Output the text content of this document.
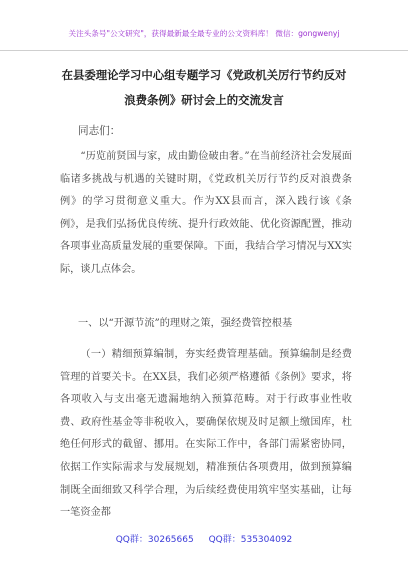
关注头条号"公文研究"，获得最新最全最专业的公文资料库！ 微信：gongwenyj
在县委理论学习中心组专题学习《党政机关厉行节约反对
浪费条例》研讨会上的交流发言
同志们：

“历览前贤国与家，成由勤俭破由奢。”在当前经济社会发展面临诸多挑战与机遇的关键时期，《党政机关厉行节约反对浪费条例》的学习贯彻意义重大。作为XX县而言，深入践行该《条例》，是我们弘扬优良传统、提升行政效能、优化资源配置，推动各项事业高质量发展的重要保障。下面，我结合学习情况与XX实际，谈几点体会。

一、以“开源节流”的理财之策，强经费管控根基

（一）精细预算编制，夯实经费管理基础。预算编制是经费管理的首要关卡。在XX县，我们必须严格遵循《条例》要求，将各项收入与支出毫无遗漏地纳入预算范畴。对于行政事业性收费、政府性基金等非税收入，要确保依规及时足额上缴国库，杜绝任何形式的截留、挪用。在实际工作中，各部门需紧密协同，依据工作实际需求与发展规划，精准预估各项费用，做到预算编制既全面细致又科学合理，为后续经费使用筑牢坚实基础，让每一笔资金都

QQ群：30265665 QQ群：535304092
